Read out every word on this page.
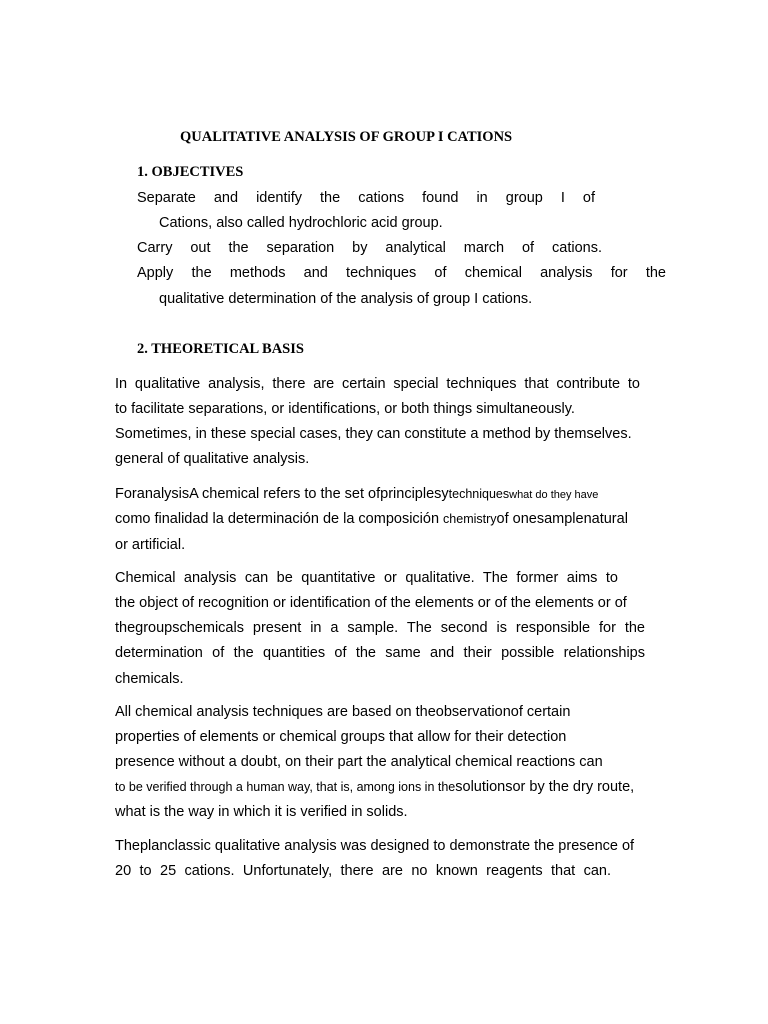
QUALITATIVE ANALYSIS OF GROUP I CATIONS
1. OBJECTIVES
Separate and identify the cations found in group I of
Cations, also called hydrochloric acid group.
Carry out the separation by analytical march of cations.
Apply the methods and techniques of chemical analysis for the
qualitative determination of the analysis of group I cations.
2. THEORETICAL BASIS
In qualitative analysis, there are certain special techniques that contribute to
to facilitate separations, or identifications, or both things simultaneously.
Sometimes, in these special cases, they can constitute a method by themselves.
general of qualitative analysis.
ForanalysisA chemical refers to the set ofprinciplesytechniqueswhat do they have
como finalidad la determinación de la composición chemistryof onesamplenatural
or artificial.
Chemical analysis can be quantitative or qualitative. The former aims to
the object of recognition or identification of the elements or of the elements or of
thegroupschemicals present in a sample. The second is responsible for the
determination of the quantities of the same and their possible relationships
chemicals.
All chemical analysis techniques are based on theobservationof certain
properties of elements or chemical groups that allow for their detection
presence without a doubt, on their part the analytical chemical reactions can
to be verified through a human way, that is, among ions in thesolutionsor by the dry route,
what is the way in which it is verified in solids.
Theplanclassic qualitative analysis was designed to demonstrate the presence of
20 to 25 cations. Unfortunately, there are no known reagents that can.
